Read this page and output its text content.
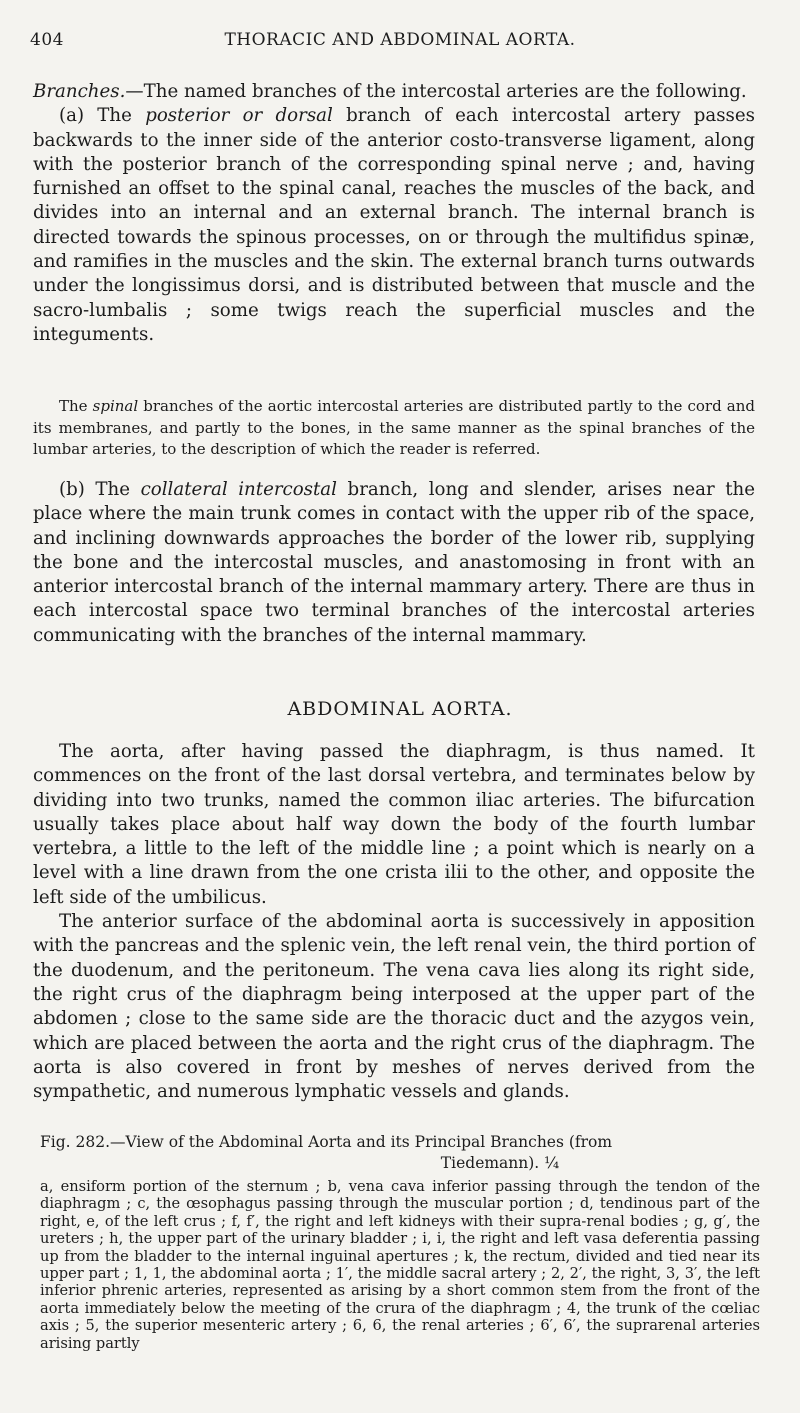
404	THORACIC AND ABDOMINAL AORTA.

Branches.—The named branches of the intercostal arteries are the following.

(a) The posterior or dorsal branch of each intercostal artery passes backwards to the inner side of the anterior costo-transverse ligament, along with the posterior branch of the corresponding spinal nerve ; and, having furnished an offset to the spinal canal, reaches the muscles of the back, and divides into an internal and an external branch. The internal branch is directed towards the spinous processes, on or through the multifidus spinæ, and ramifies in the muscles and the skin. The external branch turns outwards under the longissimus dorsi, and is distributed between that muscle and the sacro-lumbalis ; some twigs reach the superficial muscles and the integuments.

The spinal branches of the aortic intercostal arteries are distributed partly to the cord and its membranes, and partly to the bones, in the same manner as the spinal branches of the lumbar arteries, to the description of which the reader is referred.

(b) The collateral intercostal branch, long and slender, arises near the place where the main trunk comes in contact with the upper rib of the space, and inclining downwards approaches the border of the lower rib, supplying the bone and the intercostal muscles, and anastomosing in front with an anterior intercostal branch of the internal mammary artery. There are thus in each intercostal space two terminal branches of the intercostal arteries communicating with the branches of the internal mammary.

ABDOMINAL AORTA.

The aorta, after having passed the diaphragm, is thus named. It commences on the front of the last dorsal vertebra, and terminates below by dividing into two trunks, named the common iliac arteries. The bifurcation usually takes place about half way down the body of the fourth lumbar vertebra, a little to the left of the middle line ; a point which is nearly on a level with a line drawn from the one crista ilii to the other, and opposite the left side of the umbilicus.

The anterior surface of the abdominal aorta is successively in apposition with the pancreas and the splenic vein, the left renal vein, the third portion of the duodenum, and the peritoneum. The vena cava lies along its right side, the right crus of the diaphragm being interposed at the upper part of the abdomen ; close to the same side are the thoracic duct and the azygos vein, which are placed between the aorta and the right crus of the diaphragm. The aorta is also covered in front by meshes of nerves derived from the sympathetic, and numerous lymphatic vessels and glands.

Fig. 282.—View of the Abdominal Aorta and its Principal Branches (from
Tiedemann). ¼

a, ensiform portion of the sternum ; b, vena cava inferior passing through the tendon of the diaphragm ; c, the œsophagus passing through the muscular portion ; d, tendinous part of the right, e, of the left crus ; f, f′, the right and left kidneys with their supra-renal bodies ; g, g′, the ureters ; h, the upper part of the urinary bladder ; i, i, the right and left vasa deferentia passing up from the bladder to the internal inguinal apertures ; k, the rectum, divided and tied near its upper part ; 1, 1, the abdominal aorta ; 1′, the middle sacral artery ; 2, 2′, the right, 3, 3′, the left inferior phrenic arteries, represented as arising by a short common stem from the front of the aorta immediately below the meeting of the crura of the diaphragm ; 4, the trunk of the cœliac axis ; 5, the superior mesenteric artery ; 6, 6, the renal arteries ; 6′, 6′, the suprarenal arteries arising partly
